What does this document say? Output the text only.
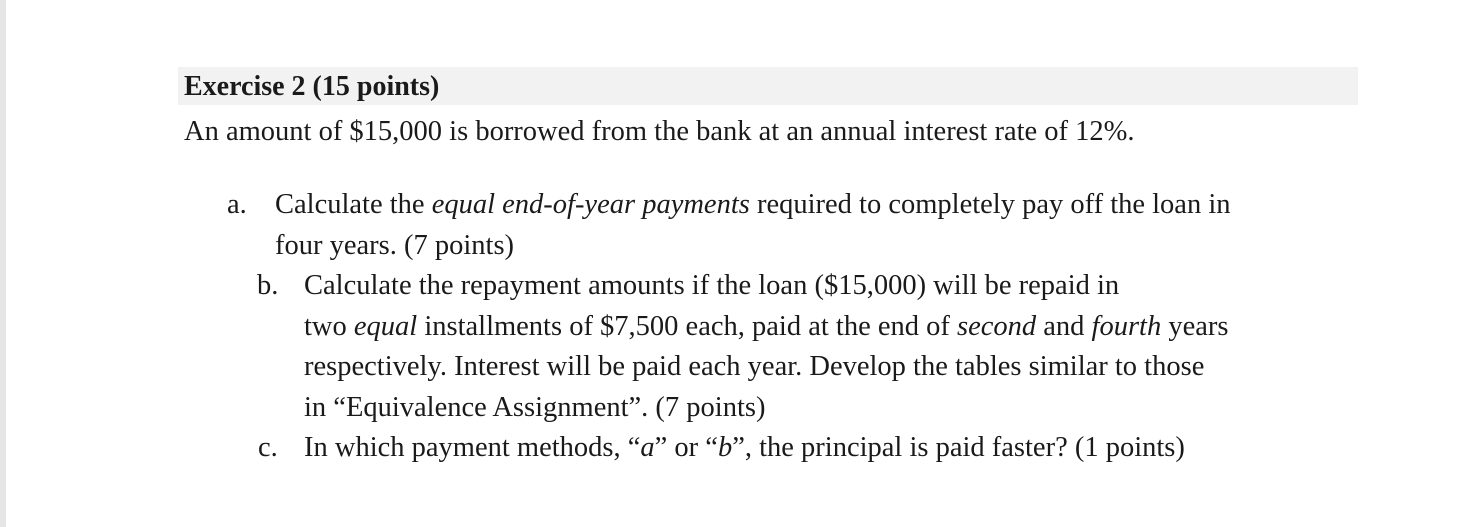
Exercise 2 (15 points)
An amount of $15,000 is borrowed from the bank at an annual interest rate of 12%.
a. Calculate the equal end-of-year payments required to completely pay off the loan in
four years. (7 points)
b. Calculate the repayment amounts if the loan ($15,000) will be repaid in
two equal installments of $7,500 each, paid at the end of second and fourth years
respectively. Interest will be paid each year. Develop the tables similar to those
in “Equivalence Assignment”. (7 points)
c. In which payment methods, “a” or “b”, the principal is paid faster? (1 points)
